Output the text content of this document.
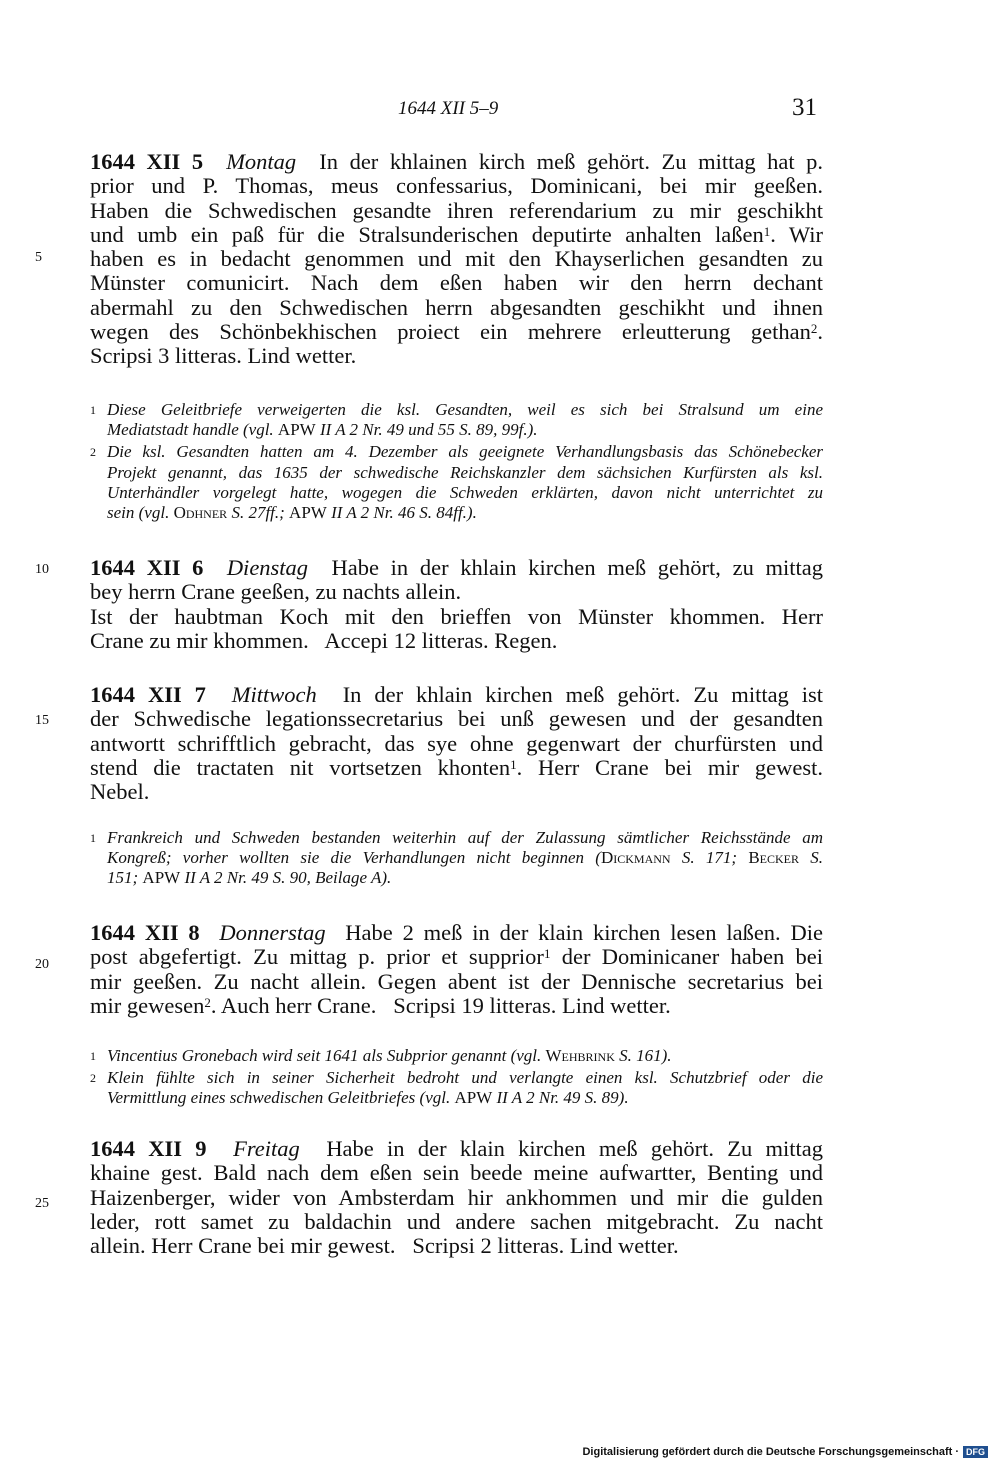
1644 XII 5–9	31
5
10
15
20
25
1644 XII 5 Montag In der khlainen kirch meß gehört. Zu mittag hat p.
prior und P. Thomas, meus confessarius, Dominicani, bei mir geeßen.
Haben die Schwedischen gesandte ihren referendarium zu mir geschikht
und umb ein paß für die Stralsunderischen deputirte anhalten laßen$^1$. Wir
haben es in bedacht genommen und mit den Khayserlichen gesandten zu
Münster comunicirt. Nach dem eßen haben wir den herrn dechant
abermahl zu den Schwedischen herrn abgesandten geschikht und ihnen
wegen des Schönbekhischen proiect ein mehrere erleutterung gethan$^2$.
Scripsi 3 litteras. Lind wetter.
1 Diese Geleitbriefe verweigerten die ksl. Gesandten, weil es sich bei Stralsund um eine
Mediatstadt handle (vgl. APW II A 2 Nr. 49 und 55 S. 89, 99f.).
2 Die ksl. Gesandten hatten am 4. Dezember als geeignete Verhandlungsbasis das Schönebecker
Projekt genannt, das 1635 der schwedische Reichskanzler dem sächsichen Kurfürsten als ksl.
Unterhändler vorgelegt hatte, wogegen die Schweden erklärten, davon nicht unterrichtet zu
sein (vgl. Odhner S. 27ff.; APW II A 2 Nr. 46 S. 84ff.).
1644 XII 6 Dienstag Habe in der khlain kirchen meß gehört, zu mittag
bey herrn Crane geeßen, zu nachts allein.
Ist der haubtman Koch mit den brieffen von Münster khommen. Herr
Crane zu mir khommen.   Accepi 12 litteras. Regen.
1644 XII 7 Mittwoch In der khlain kirchen meß gehört. Zu mittag ist
der Schwedische legationssecretarius bei unß gewesen und der gesandten
antwortt schrifftlich gebracht, das sye ohne gegenwart der churfürsten und
stend die tractaten nit vortsetzen khonten$^1$. Herr Crane bei mir gewest.
Nebel.
1 Frankreich und Schweden bestanden weiterhin auf der Zulassung sämtlicher Reichsstände am
Kongreß; vorher wollten sie die Verhandlungen nicht beginnen (Dickmann S. 171; Becker S.
151; APW II A 2 Nr. 49 S. 90, Beilage A).
1644 XII 8 Donnerstag Habe 2 meß in der klain kirchen lesen laßen. Die
post abgefertigt. Zu mittag p. prior et supprior$^1$ der Dominicaner haben bei
mir geeßen. Zu nacht allein. Gegen abent ist der Dennische secretarius bei
mir gewesen$^2$. Auch herr Crane.   Scripsi 19 litteras. Lind wetter.
1 Vincentius Gronebach wird seit 1641 als Subprior genannt (vgl. Wehbrink S. 161).
2 Klein fühlte sich in seiner Sicherheit bedroht und verlangte einen ksl. Schutzbrief oder die
Vermittlung eines schwedischen Geleitbriefes (vgl. APW II A 2 Nr. 49 S. 89).
1644 XII 9 Freitag Habe in der klain kirchen meß gehört. Zu mittag
khaine gest. Bald nach dem eßen sein beede meine aufwartter, Benting und
Haizenberger, wider von Ambsterdam hir ankhommen und mir die gulden
leder, rott samet zu baldachin und andere sachen mitgebracht. Zu nacht
allein. Herr Crane bei mir gewest.   Scripsi 2 litteras. Lind wetter.
Digitalisierung gefördert durch die Deutsche Forschungsgemeinschaft · DFG
